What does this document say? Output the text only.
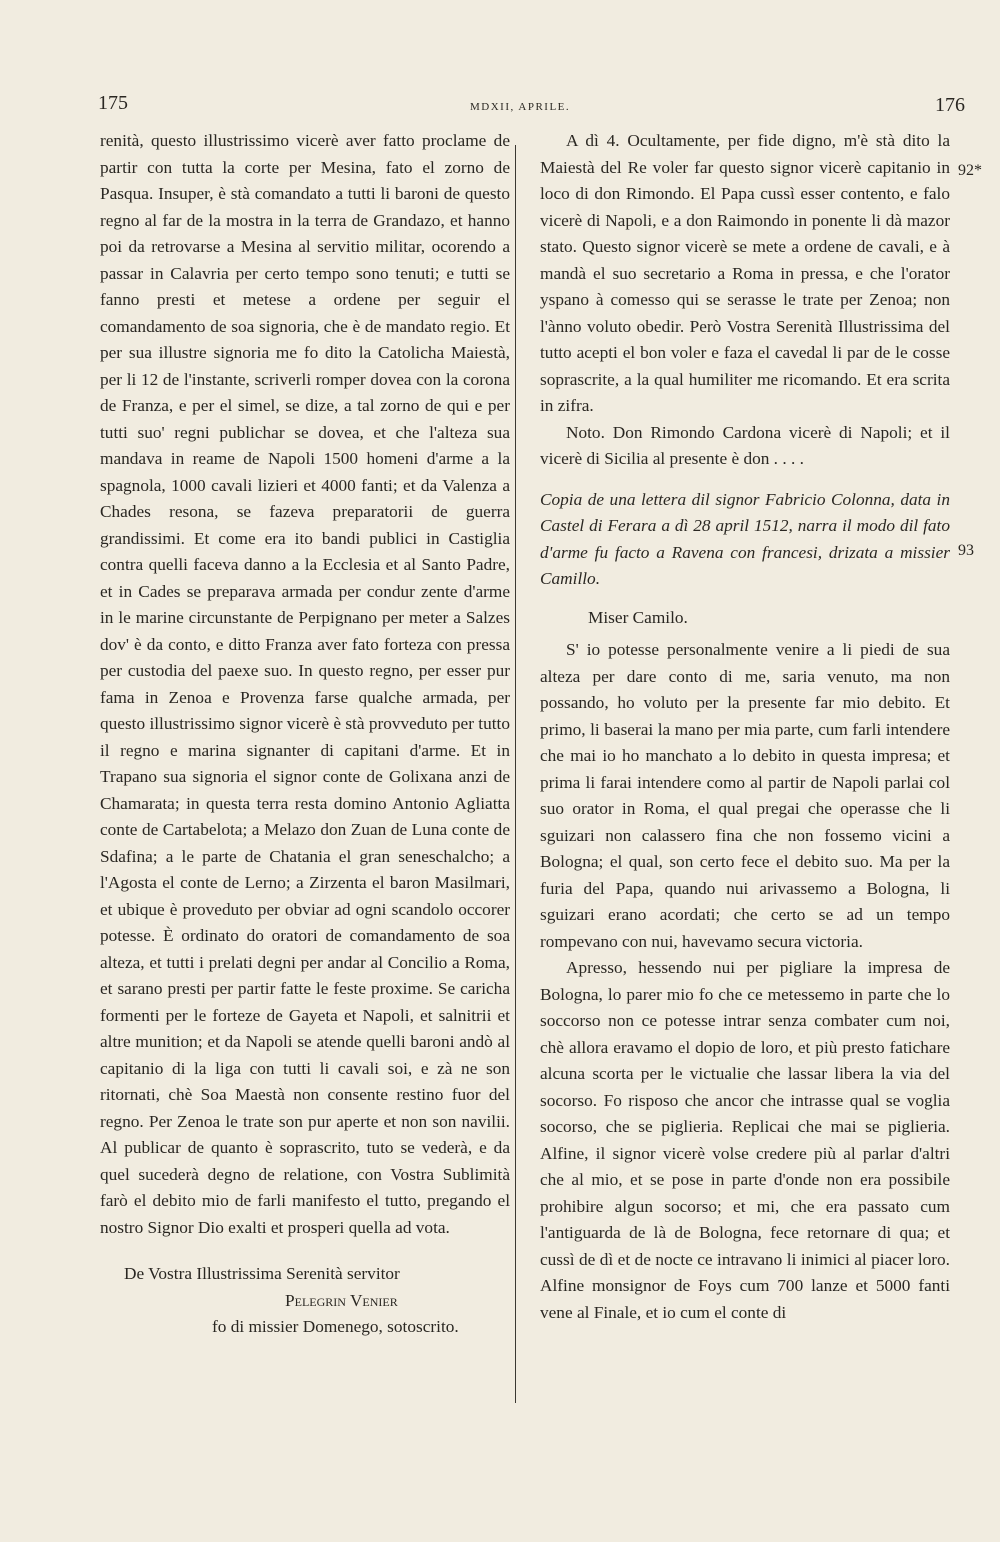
175	MDXII, APRILE.	176

renità, questo illustrissimo vicerè aver fatto proclame de partir con tutta la corte per Mesina, fato el zorno de Pasqua. Insuper, è stà comandato a tutti li baroni de questo regno al far de la mostra in la terra de Grandazo, et hanno poi da retrovarse a Mesina al servitio militar, ocorendo a passar in Calavria per certo tempo sono tenuti; e tutti se fanno presti et metese a ordene per seguir el comandamento de soa signoria, che è de mandato regio. Et per sua illustre signoria me fo dito la Catolicha Maiestà, per li 12 de l'instante, scriverli romper dovea con la corona de Franza, e per el simel, se dize, a tal zorno de qui e per tutti suo' regni publichar se dovea, et che l'alteza sua mandava in reame de Napoli 1500 homeni d'arme a la spagnola, 1000 cavali lizieri et 4000 fanti; et da Valenza a Chades resona, se fazeva preparatorii de guerra grandissimi. Et come era ito bandi publici in Castiglia contra quelli faceva danno a la Ecclesia et al Santo Padre, et in Cades se preparava armada per condur zente d'arme in le marine circunstante de Perpignano per meter a Salzes dov' è da conto, e ditto Franza aver fato forteza con pressa per custodia del paexe suo. In questo regno, per esser pur fama in Zenoa e Provenza farse qualche armada, per questo illustrissimo signor vicerè è stà provveduto per tutto il regno e marina signanter di capitani d'arme. Et in Trapano sua signoria el signor conte de Golixana anzi de Chamarata; in questa terra resta domino Antonio Agliatta conte de Cartabelota; a Melazo don Zuan de Luna conte de Sdafina; a le parte de Chatania el gran seneschalcho; a l'Agosta el conte de Lerno; a Zirzenta el baron Masilmari, et ubique è proveduto per obviar ad ogni scandolo occorer potesse. È ordinato do oratori de comandamento de soa alteza, et tutti i prelati degni per andar al Concilio a Roma, et sarano presti per partir fatte le feste proxime. Se caricha formenti per le forteze de Gayeta et Napoli, et salnitrii et altre munition; et da Napoli se atende quelli baroni andò al capitanio di la liga con tutti li cavali soi, e zà ne son ritornati, chè Soa Maestà non consente restino fuor del regno. Per Zenoa le trate son pur aperte et non son navilii. Al publicar de quanto è soprascrito, tuto se vederà, e da quel sucederà degno de relatione, con Vostra Sublimità farò el debito mio de farli manifesto el tutto, pregando el nostro Signor Dio exalti et prosperi quella ad vota.

De Vostra Illustrissima Serenità servitor

Pelegrin Venier

fo di missier Domenego, sotoscrito.

A dì 4. Ocultamente, per fide digno, m'è stà dito la Maiestà del Re voler far questo signor vicerè capitanio in loco di don Rimondo. El Papa cussì esser contento, e falo vicerè di Napoli, e a don Raimondo in ponente li dà mazor stato. Questo signor vicerè se mete a ordene de cavali, e à mandà el suo secretario a Roma in pressa, e che l'orator yspano à comesso qui se serasse le trate per Zenoa; non l'ànno voluto obedir. Però Vostra Serenità Illustrissima del tutto acepti el bon voler e faza el cavedal li par de le cosse soprascrite, a la qual humiliter me ricomando. Et era scrita in zifra.

Noto. Don Rimondo Cardona vicerè di Napoli; et il vicerè di Sicilia al presente è don . . . .

Copia de una lettera dil signor Fabricio Colonna, data in Castel di Ferara a dì 28 april 1512, narra il modo dil fato d'arme fu facto a Ravena con francesi, drizata a missier Camillo.

Miser Camilo.

S' io potesse personalmente venire a li piedi de sua alteza per dare conto di me, saria venuto, ma non possando, ho voluto per la presente far mio debito. Et primo, li baserai la mano per mia parte, cum farli intendere che mai io ho manchato a lo debito in questa impresa; et prima li farai intendere como al partir de Napoli parlai col suo orator in Roma, el qual pregai che operasse che li sguizari non calassero fina che non fossemo vicini a Bologna; el qual, son certo fece el debito suo. Ma per la furia del Papa, quando nui arivassemo a Bologna, li sguizari erano acordati; che certo se ad un tempo rompevano con nui, havevamo secura victoria.

Apresso, hessendo nui per pigliare la impresa de Bologna, lo parer mio fo che ce metessemo in parte che lo soccorso non ce potesse intrar senza combater cum noi, chè allora eravamo el dopio de loro, et più presto fatichare alcuna scorta per le victualie che lassar libera la via del socorso. Fo risposo che ancor che intrasse qual se voglia socorso, che se piglieria. Replicai che mai se piglieria. Alfine, il signor vicerè volse credere più al parlar d'altri che al mio, et se pose in parte d'onde non era possibile prohibire algun socorso; et mi, che era passato cum l'antiguarda de là de Bologna, fece retornare di qua; et cussì de dì et de nocte ce intravano li inimici al piacer loro. Alfine monsignor de Foys cum 700 lanze et 5000 fanti vene al Finale, et io cum el conte di

92*
93
